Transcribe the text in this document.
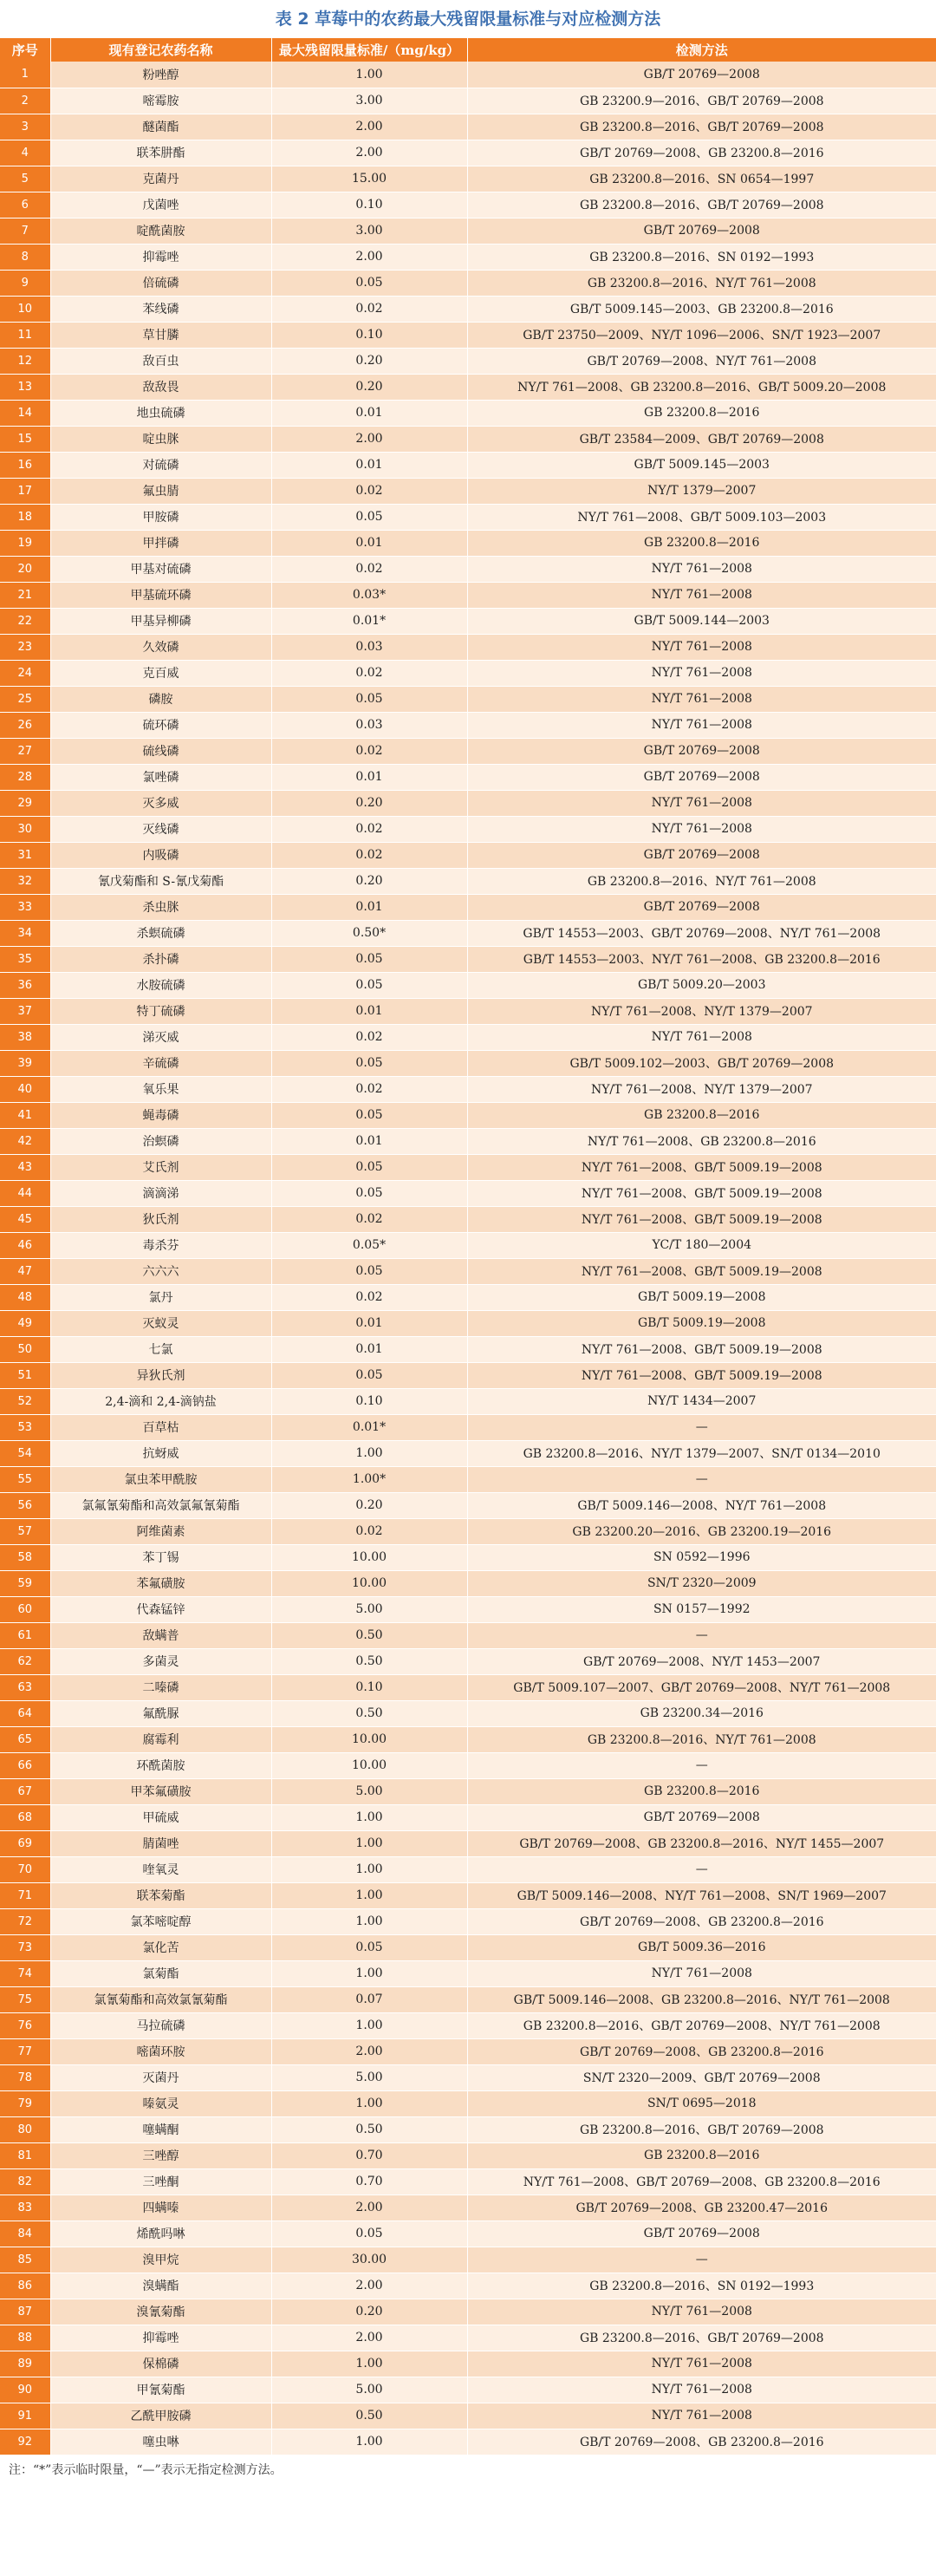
表 2 草莓中的农药最大残留限量标准与对应检测方法
序号	现有登记农药名称	最大残留限量标准/（mg/kg）	检测方法
1	粉唑醇	1.00	GB/T 20769—2008
2	嘧霉胺	3.00	GB 23200.9—2016、GB/T 20769—2008
3	醚菌酯	2.00	GB 23200.8—2016、GB/T 20769—2008
4	联苯肼酯	2.00	GB/T 20769—2008、GB 23200.8—2016
5	克菌丹	15.00	GB 23200.8—2016、SN 0654—1997
6	戊菌唑	0.10	GB 23200.8—2016、GB/T 20769—2008
7	啶酰菌胺	3.00	GB/T 20769—2008
8	抑霉唑	2.00	GB 23200.8—2016、SN 0192—1993
9	倍硫磷	0.05	GB 23200.8—2016、NY/T 761—2008
10	苯线磷	0.02	GB/T 5009.145—2003、GB 23200.8—2016
11	草甘膦	0.10	GB/T 23750—2009、NY/T 1096—2006、SN/T 1923—2007
12	敌百虫	0.20	GB/T 20769—2008、NY/T 761—2008
13	敌敌畏	0.20	NY/T 761—2008、GB 23200.8—2016、GB/T 5009.20—2008
14	地虫硫磷	0.01	GB 23200.8—2016
15	啶虫脒	2.00	GB/T 23584—2009、GB/T 20769—2008
16	对硫磷	0.01	GB/T 5009.145—2003
17	氟虫腈	0.02	NY/T 1379—2007
18	甲胺磷	0.05	NY/T 761—2008、GB/T 5009.103—2003
19	甲拌磷	0.01	GB 23200.8—2016
20	甲基对硫磷	0.02	NY/T 761—2008
21	甲基硫环磷	0.03*	NY/T 761—2008
22	甲基异柳磷	0.01*	GB/T 5009.144—2003
23	久效磷	0.03	NY/T 761—2008
24	克百威	0.02	NY/T 761—2008
25	磷胺	0.05	NY/T 761—2008
26	硫环磷	0.03	NY/T 761—2008
27	硫线磷	0.02	GB/T 20769—2008
28	氯唑磷	0.01	GB/T 20769—2008
29	灭多威	0.20	NY/T 761—2008
30	灭线磷	0.02	NY/T 761—2008
31	内吸磷	0.02	GB/T 20769—2008
32	氰戊菊酯和 S-氰戊菊酯	0.20	GB 23200.8—2016、NY/T 761—2008
33	杀虫脒	0.01	GB/T 20769—2008
34	杀螟硫磷	0.50*	GB/T 14553—2003、GB/T 20769—2008、NY/T 761—2008
35	杀扑磷	0.05	GB/T 14553—2003、NY/T 761—2008、GB 23200.8—2016
36	水胺硫磷	0.05	GB/T 5009.20—2003
37	特丁硫磷	0.01	NY/T 761—2008、NY/T 1379—2007
38	涕灭威	0.02	NY/T 761—2008
39	辛硫磷	0.05	GB/T 5009.102—2003、GB/T 20769—2008
40	氧乐果	0.02	NY/T 761—2008、NY/T 1379—2007
41	蝇毒磷	0.05	GB 23200.8—2016
42	治螟磷	0.01	NY/T 761—2008、GB 23200.8—2016
43	艾氏剂	0.05	NY/T 761—2008、GB/T 5009.19—2008
44	滴滴涕	0.05	NY/T 761—2008、GB/T 5009.19—2008
45	狄氏剂	0.02	NY/T 761—2008、GB/T 5009.19—2008
46	毒杀芬	0.05*	YC/T 180—2004
47	六六六	0.05	NY/T 761—2008、GB/T 5009.19—2008
48	氯丹	0.02	GB/T 5009.19—2008
49	灭蚁灵	0.01	GB/T 5009.19—2008
50	七氯	0.01	NY/T 761—2008、GB/T 5009.19—2008
51	异狄氏剂	0.05	NY/T 761—2008、GB/T 5009.19—2008
52	2,4-滴和 2,4-滴钠盐	0.10	NY/T 1434—2007
53	百草枯	0.01*	—
54	抗蚜威	1.00	GB 23200.8—2016、NY/T 1379—2007、SN/T 0134—2010
55	氯虫苯甲酰胺	1.00*	—
56	氯氟氰菊酯和高效氯氟氰菊酯	0.20	GB/T 5009.146—2008、NY/T 761—2008
57	阿维菌素	0.02	GB 23200.20—2016、GB 23200.19—2016
58	苯丁锡	10.00	SN 0592—1996
59	苯氟磺胺	10.00	SN/T 2320—2009
60	代森锰锌	5.00	SN 0157—1992
61	敌螨普	0.50	—
62	多菌灵	0.50	GB/T 20769—2008、NY/T 1453—2007
63	二嗪磷	0.10	GB/T 5009.107—2007、GB/T 20769—2008、NY/T 761—2008
64	氟酰脲	0.50	GB 23200.34—2016
65	腐霉利	10.00	GB 23200.8—2016、NY/T 761—2008
66	环酰菌胺	10.00	—
67	甲苯氟磺胺	5.00	GB 23200.8—2016
68	甲硫威	1.00	GB/T 20769—2008
69	腈菌唑	1.00	GB/T 20769—2008、GB 23200.8—2016、NY/T 1455—2007
70	喹氧灵	1.00	—
71	联苯菊酯	1.00	GB/T 5009.146—2008、NY/T 761—2008、SN/T 1969—2007
72	氯苯嘧啶醇	1.00	GB/T 20769—2008、GB 23200.8—2016
73	氯化苦	0.05	GB/T 5009.36—2016
74	氯菊酯	1.00	NY/T 761—2008
75	氯氰菊酯和高效氯氰菊酯	0.07	GB/T 5009.146—2008、GB 23200.8—2016、NY/T 761—2008
76	马拉硫磷	1.00	GB 23200.8—2016、GB/T 20769—2008、NY/T 761—2008
77	嘧菌环胺	2.00	GB/T 20769—2008、GB 23200.8—2016
78	灭菌丹	5.00	SN/T 2320—2009、GB/T 20769—2008
79	嗪氨灵	1.00	SN/T 0695—2018
80	噻螨酮	0.50	GB 23200.8—2016、GB/T 20769—2008
81	三唑醇	0.70	GB 23200.8—2016
82	三唑酮	0.70	NY/T 761—2008、GB/T 20769—2008、GB 23200.8—2016
83	四螨嗪	2.00	GB/T 20769—2008、GB 23200.47—2016
84	烯酰吗啉	0.05	GB/T 20769—2008
85	溴甲烷	30.00	—
86	溴螨酯	2.00	GB 23200.8—2016、SN 0192—1993
87	溴氰菊酯	0.20	NY/T 761—2008
88	抑霉唑	2.00	GB 23200.8—2016、GB/T 20769—2008
89	保棉磷	1.00	NY/T 761—2008
90	甲氰菊酯	5.00	NY/T 761—2008
91	乙酰甲胺磷	0.50	NY/T 761—2008
92	噻虫啉	1.00	GB/T 20769—2008、GB 23200.8—2016
注：“*”表示临时限量，“—”表示无指定检测方法。
